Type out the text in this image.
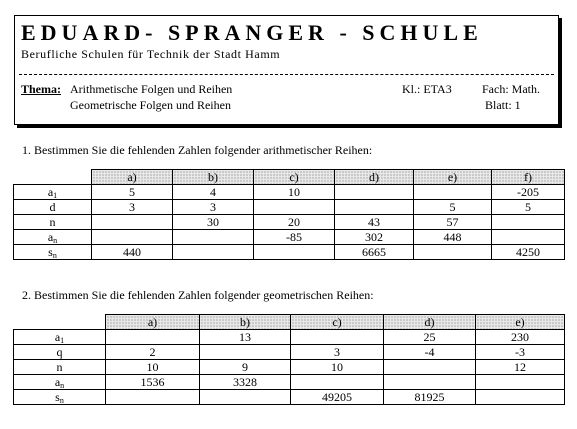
EDUARD- SPRANGER - SCHULE
Berufliche Schulen für Technik der Stadt Hamm
Thema: Arithmetische Folgen und Reihen
Geometrische Folgen und Reihen
Kl.: ETA3	Fach: Math.
Blatt: 1
1. Bestimmen Sie die fehlenden Zahlen folgender arithmetischer Reihen:
	a)	b)	c)	d)	e)	f)
$a_1$	5	4	10			-205
d	3	3			5	5
n		30	20	43	57	
$a_n$			-85	302	448	
$s_n$	440			6665		4250
2. Bestimmen Sie die fehlenden Zahlen folgender geometrischen Reihen:
	a)	b)	c)	d)	e)
$a_1$		13		25	230
q	2		3	-4	-3
n	10	9	10		12
$a_n$	1536	3328			
$s_n$			49205	81925	
